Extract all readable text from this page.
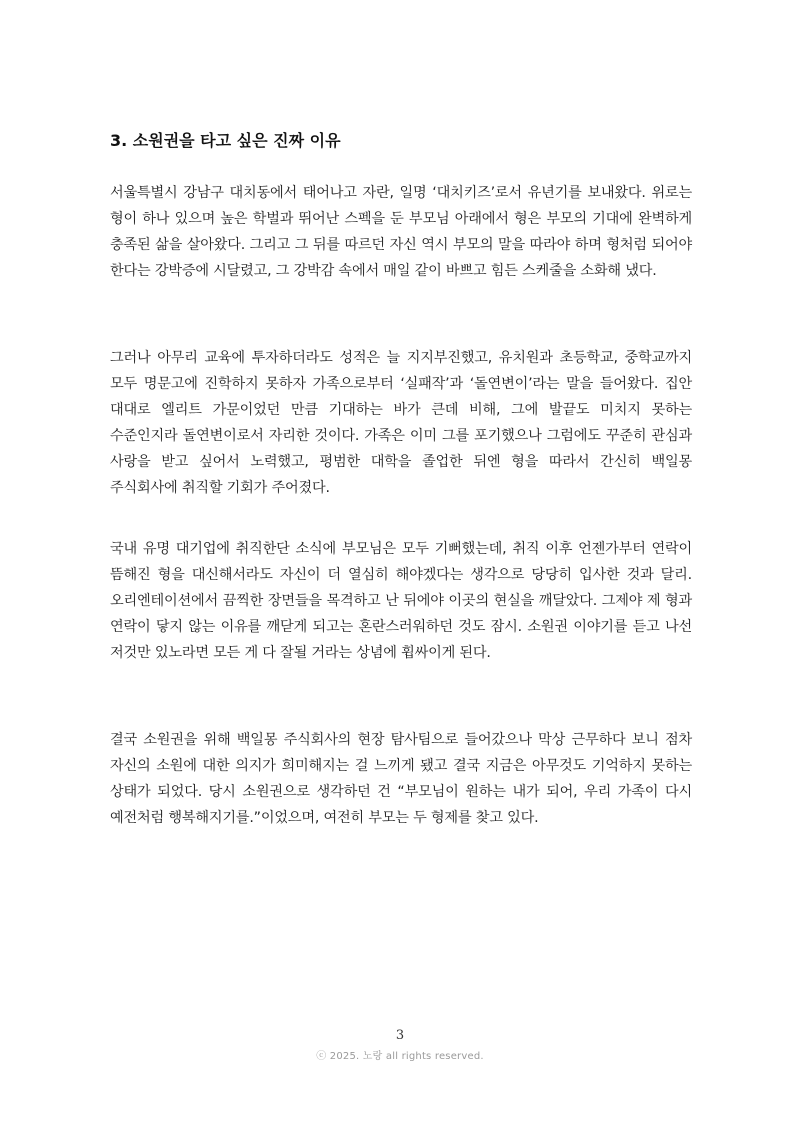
3. 소원권을 타고 싶은 진짜 이유

서울특별시 강남구 대치동에서 태어나고 자란, 일명 ‘대치키즈’로서 유년기를 보내왔다. 위로는 형이 하나 있으며 높은 학벌과 뛰어난 스펙을 둔 부모님 아래에서 형은 부모의 기대에 완벽하게 충족된 삶을 살아왔다. 그리고 그 뒤를 따르던 자신 역시 부모의 말을 따라야 하며 형처럼 되어야 한다는 강박증에 시달렸고, 그 강박감 속에서 매일 같이 바쁘고 힘든 스케줄을 소화해 냈다.

그러나 아무리 교육에 투자하더라도 성적은 늘 지지부진했고, 유치원과 초등학교, 중학교까지 모두 명문고에 진학하지 못하자 가족으로부터 ‘실패작’과 ‘돌연변이’라는 말을 들어왔다. 집안 대대로 엘리트 가문이었던 만큼 기대하는 바가 큰데 비해, 그에 발끝도 미치지 못하는 수준인지라 돌연변이로서 자리한 것이다. 가족은 이미 그를 포기했으나 그럼에도 꾸준히 관심과 사랑을 받고 싶어서 노력했고, 평범한 대학을 졸업한 뒤엔 형을 따라서 간신히 백일몽 주식회사에 취직할 기회가 주어졌다.

국내 유명 대기업에 취직한단 소식에 부모님은 모두 기뻐했는데, 취직 이후 언젠가부터 연락이 뜸해진 형을 대신해서라도 자신이 더 열심히 해야겠다는 생각으로 당당히 입사한 것과 달리. 오리엔테이션에서 끔찍한 장면들을 목격하고 난 뒤에야 이곳의 현실을 깨달았다. 그제야 제 형과 연락이 닿지 않는 이유를 깨닫게 되고는 혼란스러워하던 것도 잠시. 소원권 이야기를 듣고 나선 저것만 있노라면 모든 게 다 잘될 거라는 상념에 휩싸이게 된다.

결국 소원권을 위해 백일몽 주식회사의 현장 탐사팀으로 들어갔으나 막상 근무하다 보니 점차 자신의 소원에 대한 의지가 희미해지는 걸 느끼게 됐고 결국 지금은 아무것도 기억하지 못하는 상태가 되었다. 당시 소원권으로 생각하던 건 “부모님이 원하는 내가 되어, 우리 가족이 다시 예전처럼 행복해지기를.”이었으며, 여전히 부모는 두 형제를 찾고 있다.

3
ⓒ 2025. 노랑 all rights reserved.
